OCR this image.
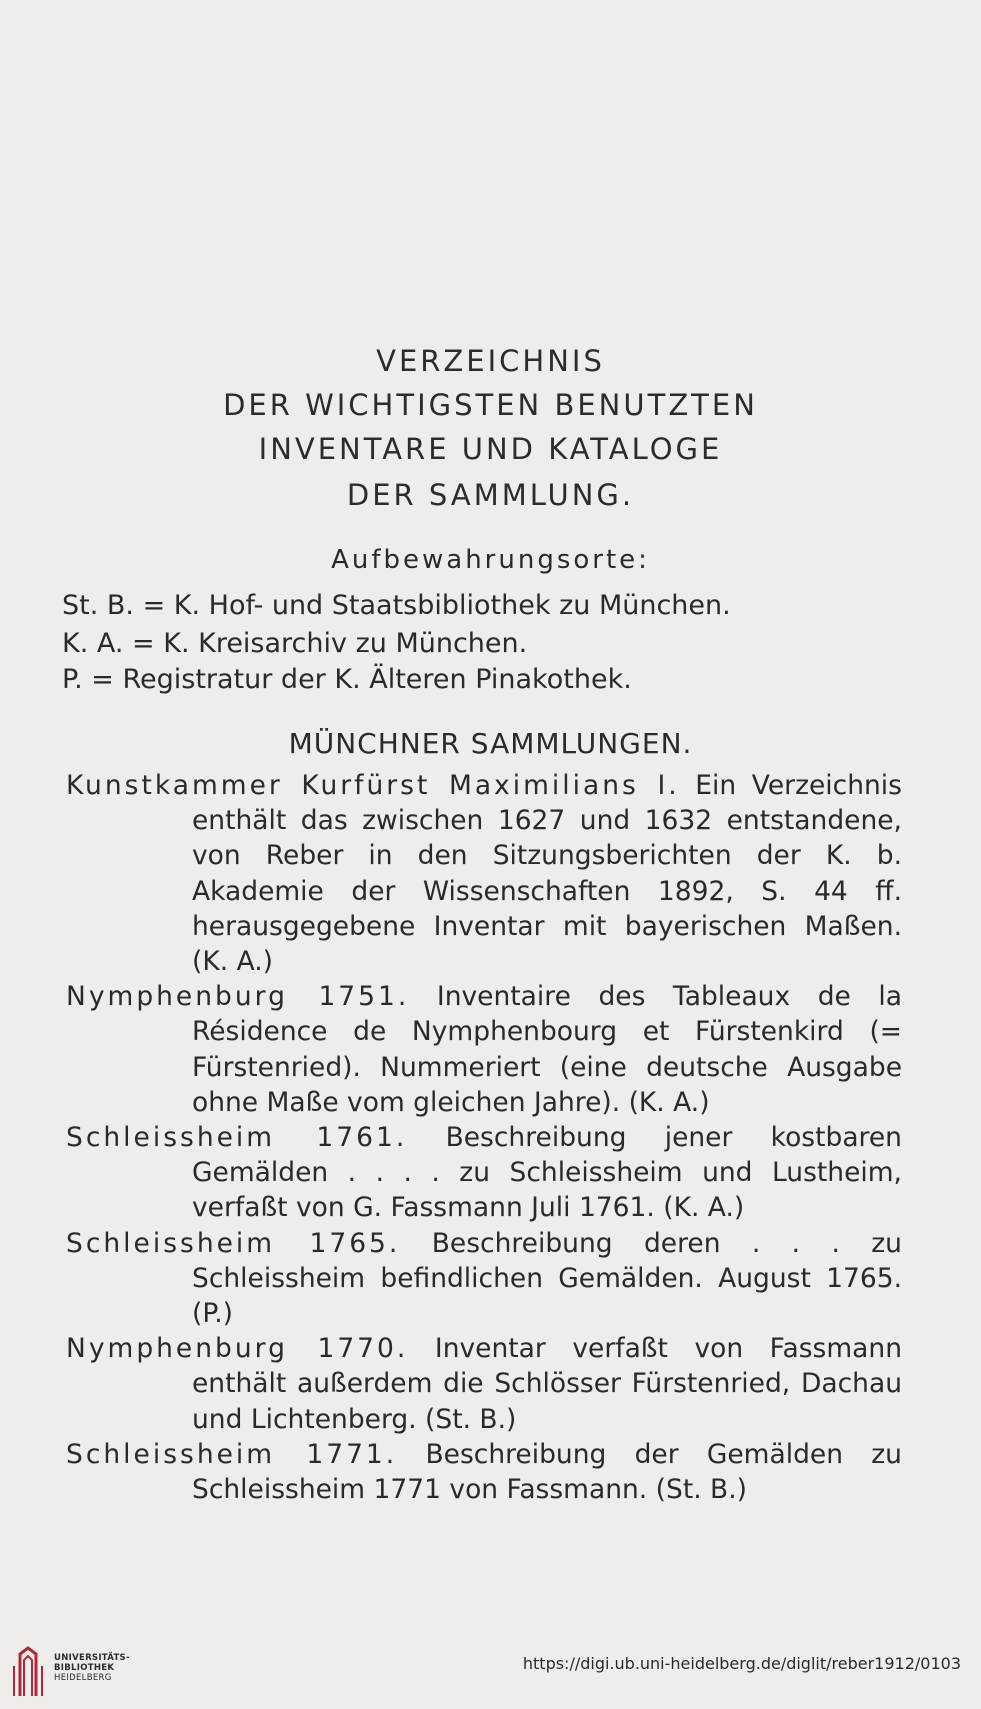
VERZEICHNIS
DER WICHTIGSTEN BENUTZTEN
INVENTARE UND KATALOGE
DER SAMMLUNG.
Aufbewahrungsorte:
St. B. = K. Hof- und Staatsbibliothek zu München.
K. A. = K. Kreisarchiv zu München.
P. = Registratur der K. Älteren Pinakothek.
MÜNCHNER SAMMLUNGEN.

Kunstkammer Kurfürst Maximilians I. Ein Verzeichnis enthält das zwischen 1627 und 1632 entstandene, von Reber in den Sitzungsberichten der K. b. Akademie der Wissenschaften 1892, S. 44 ff. herausgegebene Inventar mit bayerischen Maßen. (K. A.)

Nymphenburg 1751. Inventaire des Tableaux de la Résidence de Nymphenbourg et Fürstenkird (= Fürstenried). Nummeriert (eine deutsche Ausgabe ohne Maße vom gleichen Jahre). (K. A.)

Schleissheim 1761. Beschreibung jener kostbaren Gemälden . . . . zu Schleissheim und Lustheim, verfaßt von G. Fassmann Juli 1761. (K. A.)

Schleissheim 1765. Beschreibung deren . . . zu Schleissheim befindlichen Gemälden. August 1765. (P.)

Nymphenburg 1770. Inventar verfaßt von Fassmann enthält außerdem die Schlösser Fürstenried, Dachau und Lichtenberg. (St. B.)

Schleissheim 1771. Beschreibung der Gemälden zu Schleissheim 1771 von Fassmann. (St. B.)

UNIVERSITÄTS-
BIBLIOTHEK
HEIDELBERG
https://digi.ub.uni-heidelberg.de/diglit/reber1912/0103
